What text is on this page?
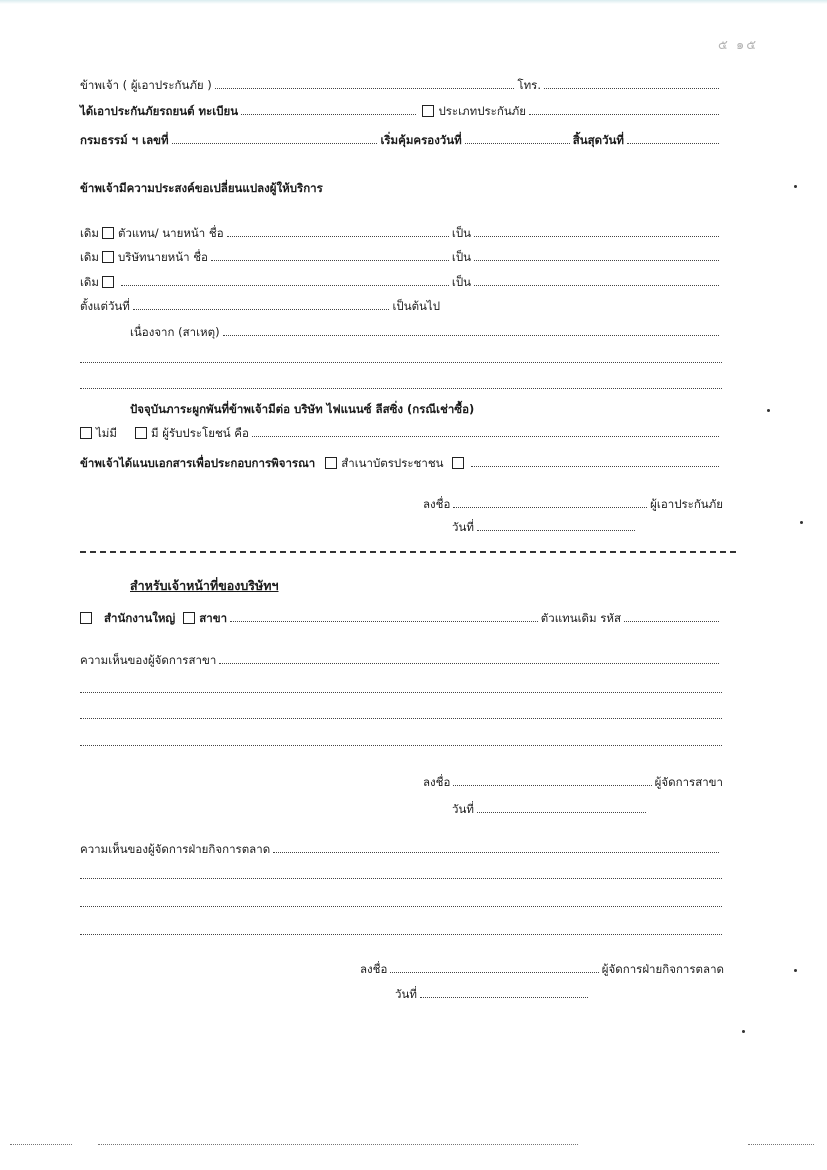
๕ ๑๕
ข้าพเจ้า ( ผู้เอาประกันภัย )	โทร.
ได้เอาประกันภัยรถยนต์ ทะเบียน	ประเภทประกันภัย
กรมธรรม์ ฯ เลขที่	เริ่มคุ้มครองวันที่	สิ้นสุดวันที่
ข้าพเจ้ามีความประสงค์ขอเปลี่ยนแปลงผู้ให้บริการ
เดิม ตัวแทน/ นายหน้า ชื่อ	เป็น
เดิม บริษัทนายหน้า ชื่อ	เป็น
เดิม	เป็น
ตั้งแต่วันที่	เป็นต้นไป
เนื่องจาก (สาเหตุ)
ปัจจุบันภาระผูกพันที่ข้าพเจ้ามีต่อ บริษัท ไฟแนนซ์ ลีสซิ่ง (กรณีเช่าซื้อ)
ไม่มี	มี ผู้รับประโยชน์ คือ
ข้าพเจ้าได้แนบเอกสารเพื่อประกอบการพิจารณา สำเนาบัตรประชาชน
ลงชื่อ	ผู้เอาประกันภัย
วันที่
สำหรับเจ้าหน้าที่ของบริษัทฯ
สำนักงานใหญ่ สาขา	ตัวแทนเดิม รหัส
ความเห็นของผู้จัดการสาขา
ลงชื่อ	ผู้จัดการสาขา
วันที่
ความเห็นของผู้จัดการฝ่ายกิจการตลาด
ลงชื่อ	ผู้จัดการฝ่ายกิจการตลาด
วันที่
